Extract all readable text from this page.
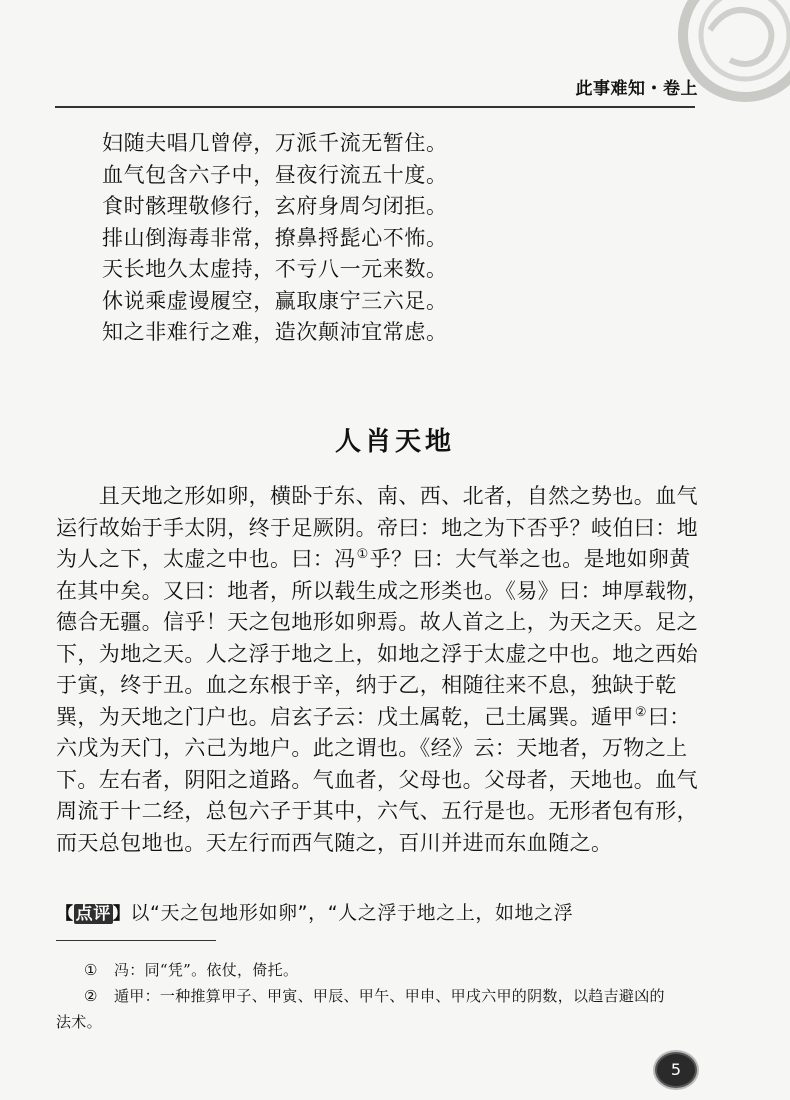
此事难知・卷上
妇随夫唱几曾停，万派千流无暂住。
血气包含六子中，昼夜行流五十度。
食时骸理敬修行，玄府身周匀闭拒。
排山倒海毒非常，撩鼻捋髭心不怖。
天长地久太虚持，不亏八一元来数。
休说乘虚谩履空，赢取康宁三六足。
知之非难行之难，造次颠沛宜常虑。
人肖天地
　　且天地之形如卵，横卧于东、南、西、北者，自然之势也。血气
运行故始于手太阴，终于足厥阴。帝曰：地之为下否乎？岐伯曰：地
为人之下，太虚之中也。曰：冯①乎？曰：大气举之也。是地如卵黄
在其中矣。又曰：地者，所以载生成之形类也。《易》曰：坤厚载物，
德合无疆。信乎！天之包地形如卵焉。故人首之上，为天之天。足之
下，为地之天。人之浮于地之上，如地之浮于太虚之中也。地之西始
于寅，终于丑。血之东根于辛，纳于乙，相随往来不息，独缺于乾
巽，为天地之门户也。启玄子云：戊土属乾，己土属巽。遁甲②曰：
六戊为天门，六己为地户。此之谓也。《经》云：天地者，万物之上
下。左右者，阴阳之道路。气血者，父母也。父母者，天地也。血气
周流于十二经，总包六子于其中，六气、五行是也。无形者包有形，
而天总包地也。天左行而西气随之，百川并进而东血随之。
【 点评 】以“天之包地形如卵”，“人之浮于地之上，如地之浮
①	冯：同“凭”。依仗，倚托。
②	遁甲：一种推算甲子、甲寅、甲辰、甲午、甲申、甲戌六甲的阴数，以趋吉避凶的
法术。
5
